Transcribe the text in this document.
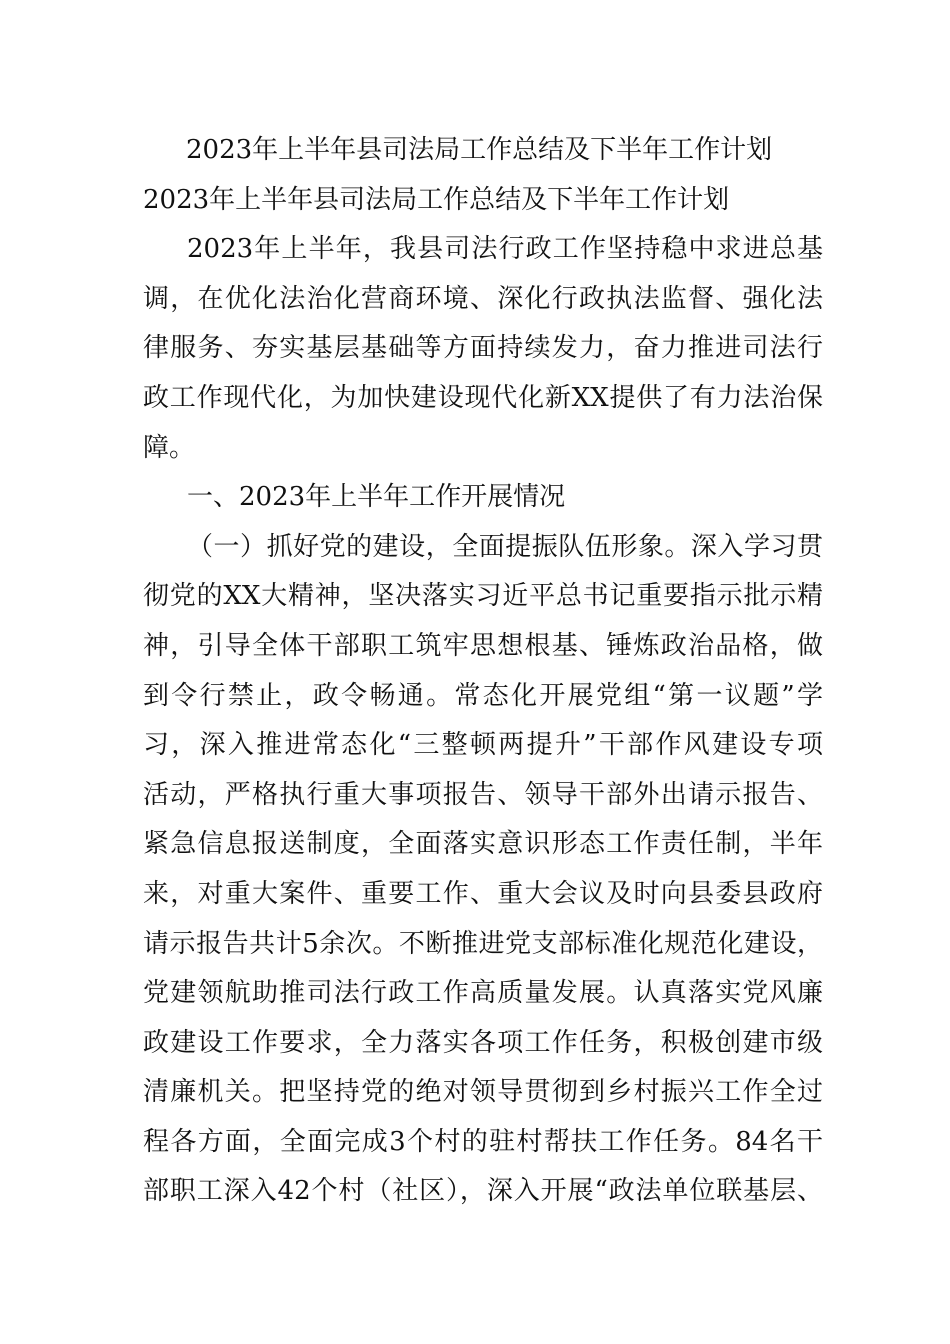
2023年上半年县司法局工作总结及下半年工作计划
2023年上半年县司法局工作总结及下半年工作计划
2023年上半年，我县司法行政工作坚持稳中求进总基
调，在优化法治化营商环境、深化行政执法监督、强化法
律服务、夯实基层基础等方面持续发力，奋力推进司法行
政工作现代化，为加快建设现代化新XX提供了有力法治保
障。
一、2023年上半年工作开展情况
（一）抓好党的建设，全面提振队伍形象。深入学习贯
彻党的XX大精神，坚决落实习近平总书记重要指示批示精
神，引导全体干部职工筑牢思想根基、锤炼政治品格，做
到令行禁止，政令畅通。常态化开展党组“第一议题”学
习，深入推进常态化“三整顿两提升”干部作风建设专项
活动，严格执行重大事项报告、领导干部外出请示报告、
紧急信息报送制度，全面落实意识形态工作责任制，半年
来，对重大案件、重要工作、重大会议及时向县委县政府
请示报告共计5余次。不断推进党支部标准化规范化建设，
党建领航助推司法行政工作高质量发展。认真落实党风廉
政建设工作要求，全力落实各项工作任务，积极创建市级
清廉机关。把坚持党的绝对领导贯彻到乡村振兴工作全过
程各方面，全面完成3个村的驻村帮扶工作任务。84名干
部职工深入42个村（社区），深入开展“政法单位联基层、
